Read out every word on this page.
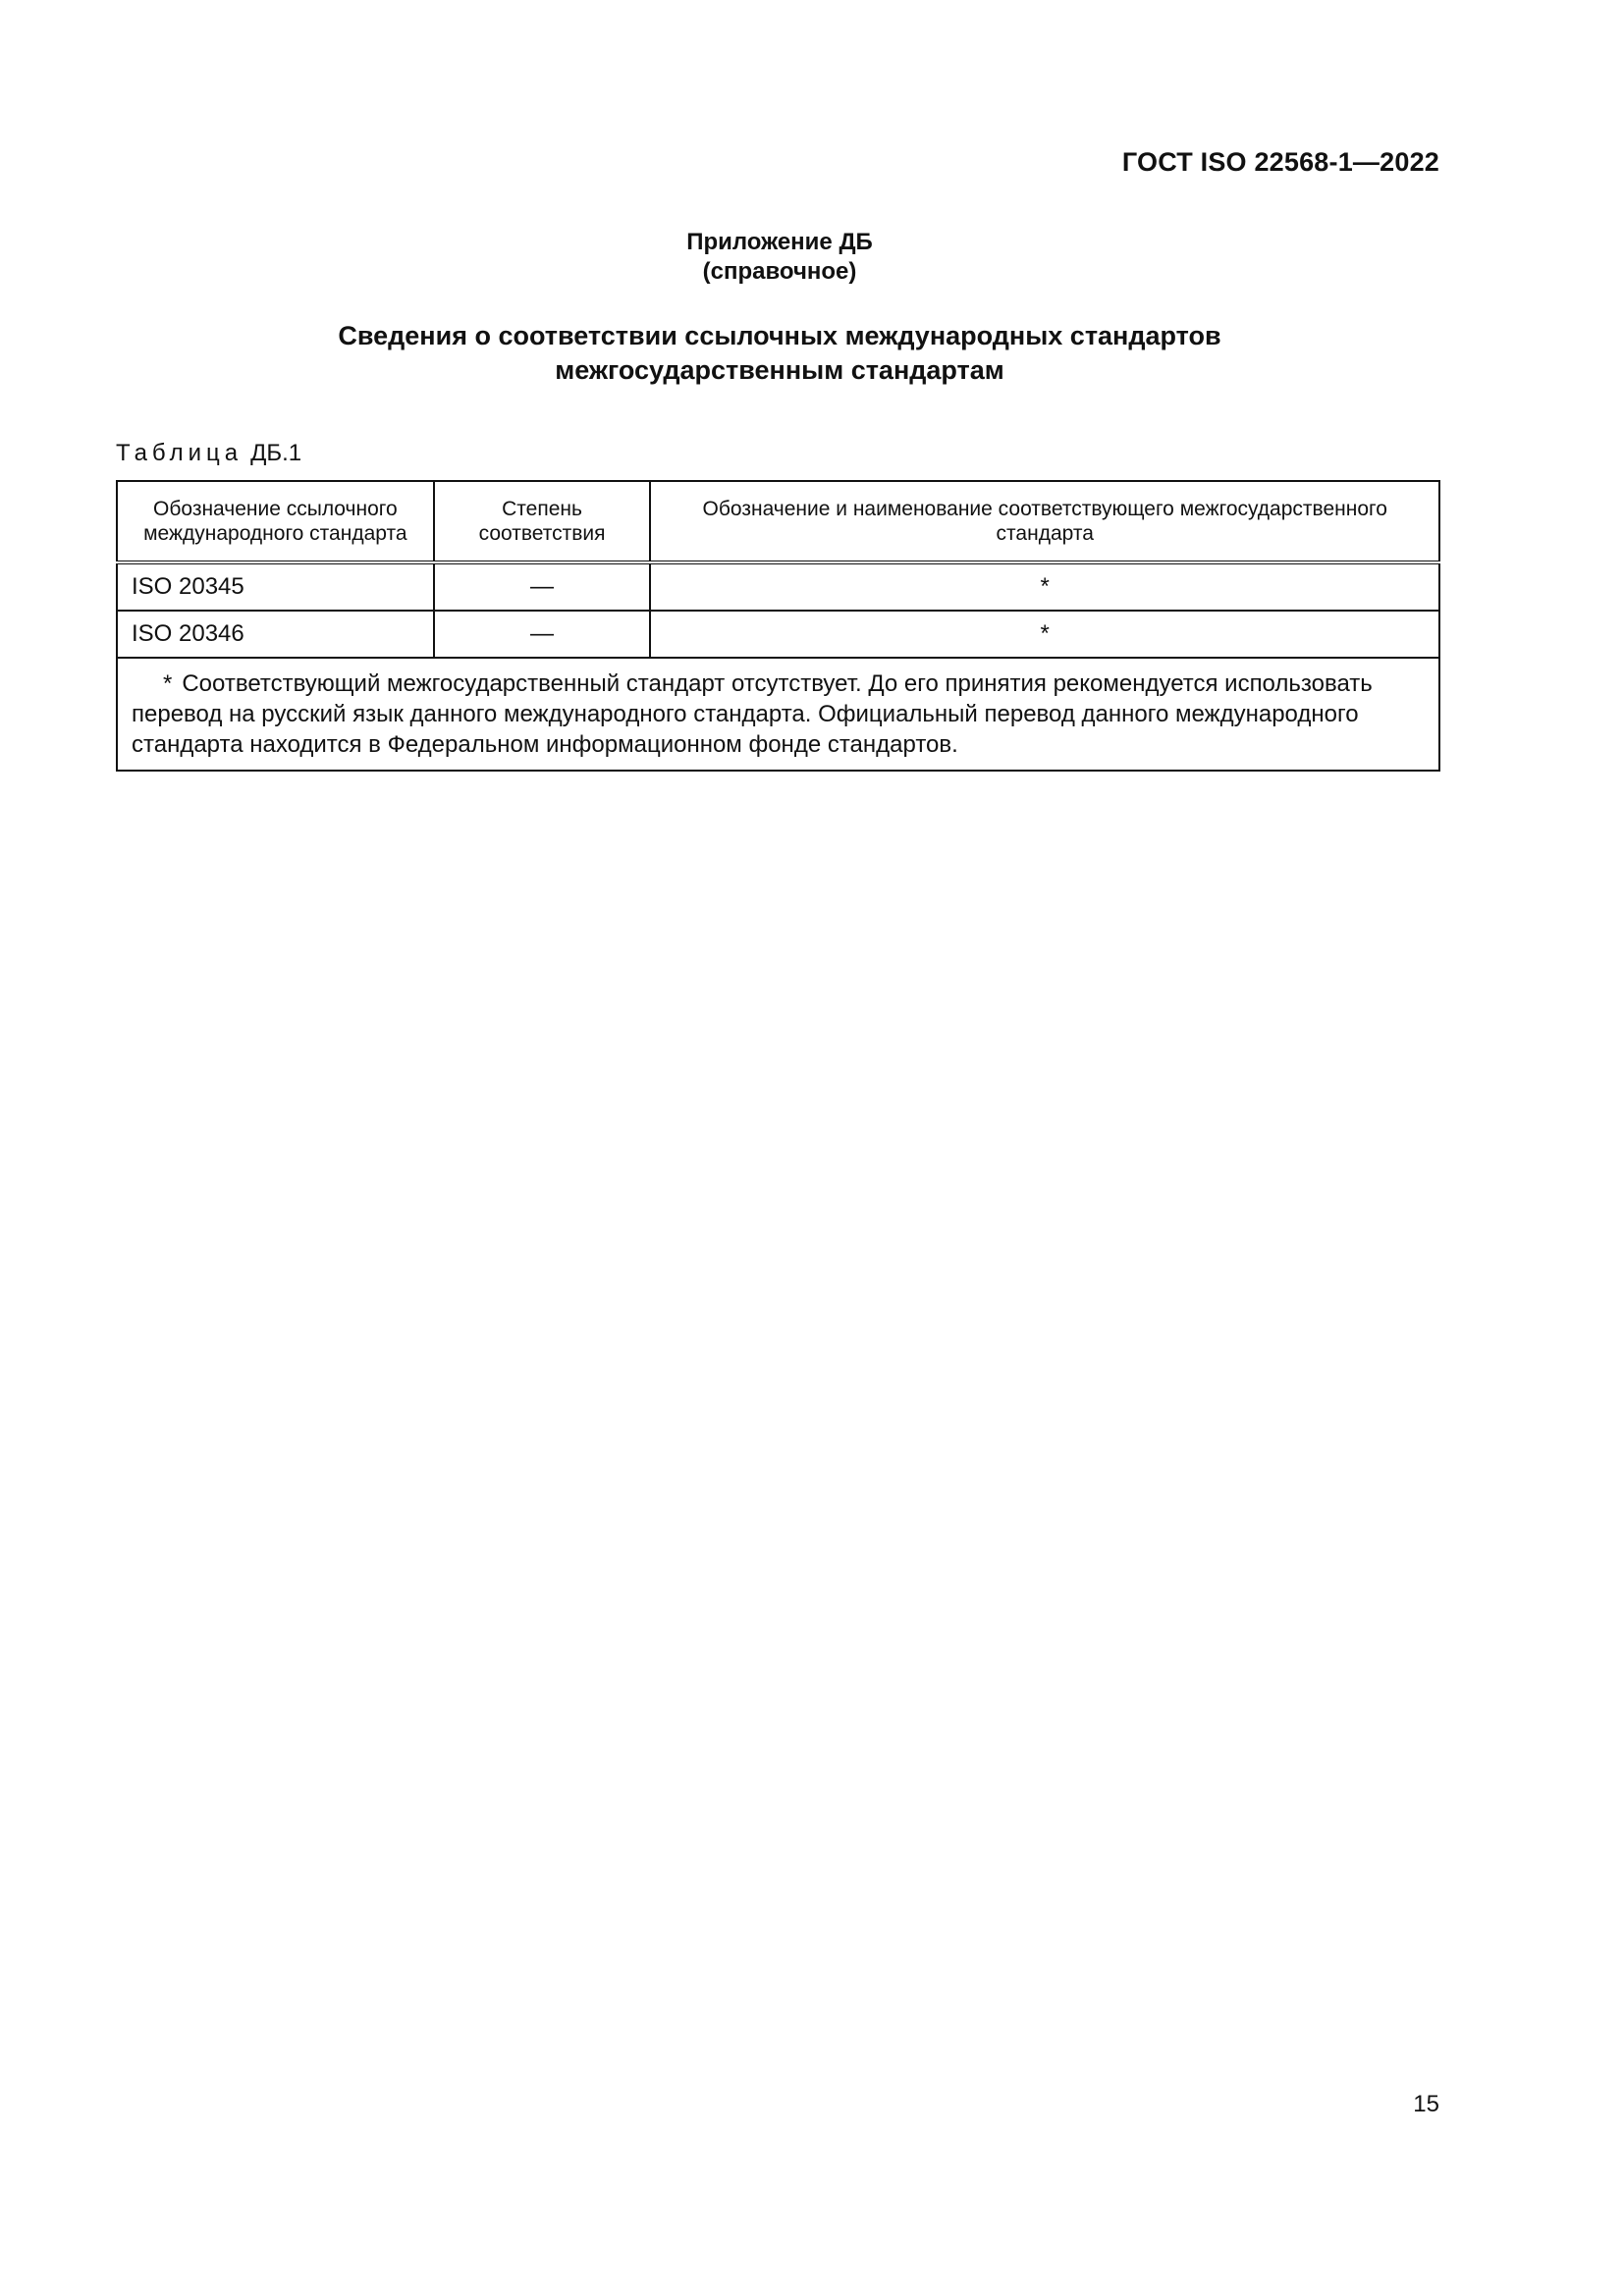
ГОСТ ISO 22568-1—2022
Приложение ДБ
(справочное)
Сведения о соответствии ссылочных международных стандартов
межгосударственным стандартам
Таблица ДБ.1
Обозначение ссылочного международного стандарта	Степень соответствия	Обозначение и наименование соответствующего межгосударственного стандарта
ISO 20345	—	*
ISO 20346	—	*
* Соответствующий межгосударственный стандарт отсутствует. До его принятия рекомендуется использовать перевод на русский язык данного международного стандарта. Официальный перевод данного международного стандарта находится в Федеральном информационном фонде стандартов.		
15
